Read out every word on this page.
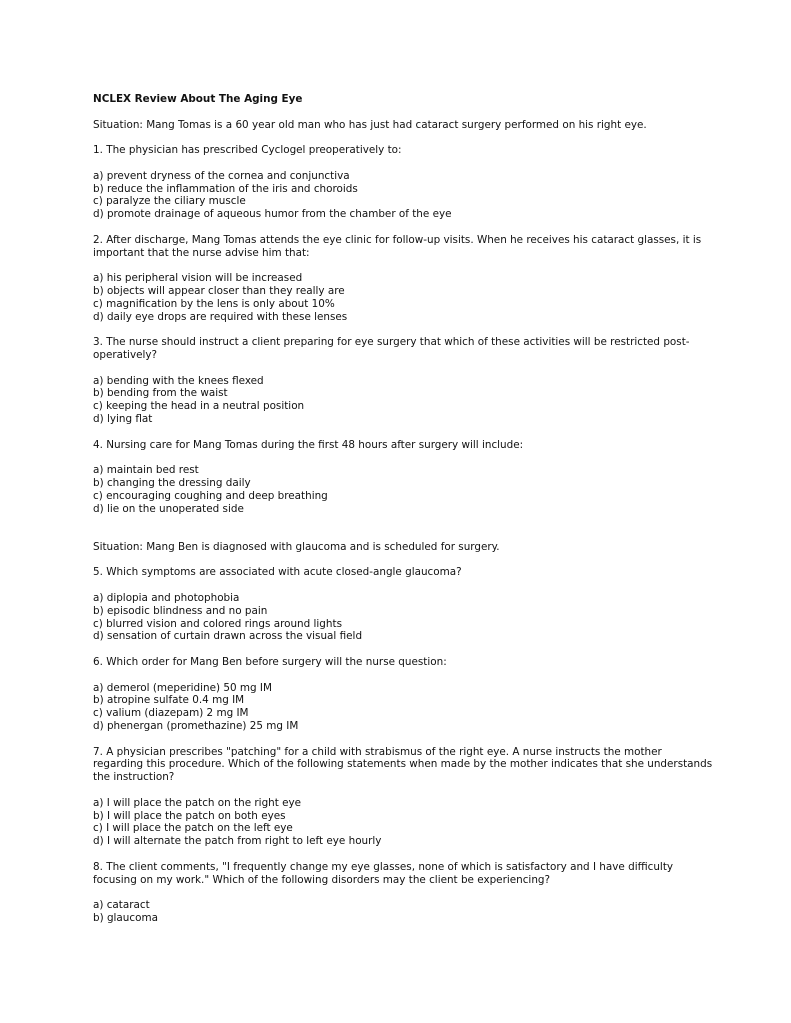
NCLEX Review About The Aging Eye

Situation: Mang Tomas is a 60 year old man who has just had cataract surgery performed on his right eye.

1. The physician has prescribed Cyclogel preoperatively to:

a) prevent dryness of the cornea and conjunctiva
b) reduce the inflammation of the iris and choroids
c) paralyze the ciliary muscle
d) promote drainage of aqueous humor from the chamber of the eye

2. After discharge, Mang Tomas attends the eye clinic for follow-up visits. When he receives his cataract glasses, it is important that the nurse advise him that:

a) his peripheral vision will be increased
b) objects will appear closer than they really are
c) magnification by the lens is only about 10%
d) daily eye drops are required with these lenses

3. The nurse should instruct a client preparing for eye surgery that which of these activities will be restricted post-operatively?

a) bending with the knees flexed
b) bending from the waist
c) keeping the head in a neutral position
d) lying flat

4. Nursing care for Mang Tomas during the first 48 hours after surgery will include:

a) maintain bed rest
b) changing the dressing daily
c) encouraging coughing and deep breathing
d) lie on the unoperated side

Situation: Mang Ben is diagnosed with glaucoma and is scheduled for surgery.

5. Which symptoms are associated with acute closed-angle glaucoma?

a) diplopia and photophobia
b) episodic blindness and no pain
c) blurred vision and colored rings around lights
d) sensation of curtain drawn across the visual field

6. Which order for Mang Ben before surgery will the nurse question:

a) demerol (meperidine) 50 mg IM
b) atropine sulfate 0.4 mg IM
c) valium (diazepam) 2 mg IM
d) phenergan (promethazine) 25 mg IM

7. A physician prescribes "patching" for a child with strabismus of the right eye. A nurse instructs the mother regarding this procedure. Which of the following statements when made by the mother indicates that she understands the instruction?

a) I will place the patch on the right eye
b) I will place the patch on both eyes
c) I will place the patch on the left eye
d) I will alternate the patch from right to left eye hourly

8. The client comments, "I frequently change my eye glasses, none of which is satisfactory and I have difficulty focusing on my work." Which of the following disorders may the client be experiencing?

a) cataract
b) glaucoma
